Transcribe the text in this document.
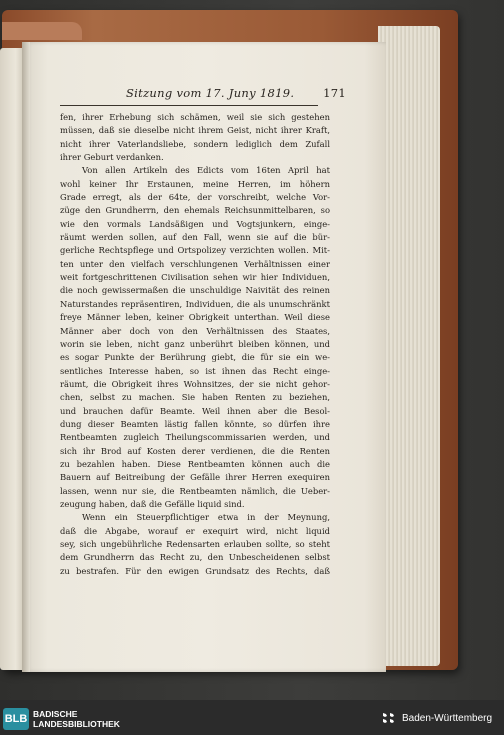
Sitzung vom 17. Juny 1819.	171
fen, ihrer Erhebung sich schämen, weil sie sich gestehen
müssen, daß sie dieselbe nicht ihrem Geist, nicht ihrer Kraft,
nicht ihrer Vaterlandsliebe, sondern lediglich dem Zufall
ihrer Geburt verdanken.
Von allen Artikeln des Edicts vom 16ten April hat
wohl keiner Ihr Erstaunen, meine Herren, im höhern
Grade erregt, als der 64te, der vorschreibt, welche Vor-
züge den Grundherrn, den ehemals Reichsunmittelbaren, so
wie den vormals Landsäßigen und Vogtsjunkern, einge-
räumt werden sollen, auf den Fall, wenn sie auf die bür-
gerliche Rechtspflege und Ortspolizey verzichten wollen. Mit-
ten unter den vielfach verschlungenen Verhältnissen einer
weit fortgeschrittenen Civilisation sehen wir hier Individuen,
die noch gewissermaßen die unschuldige Naivität des reinen
Naturstandes repräsentiren, Individuen, die als unumschränkt
freye Männer leben, keiner Obrigkeit unterthan. Weil diese
Männer aber doch von den Verhältnissen des Staates,
worin sie leben, nicht ganz unberührt bleiben können, und
es sogar Punkte der Berührung giebt, die für sie ein we-
sentliches Interesse haben, so ist ihnen das Recht einge-
räumt, die Obrigkeit ihres Wohnsitzes, der sie nicht gehor-
chen, selbst zu machen. Sie haben Renten zu beziehen,
und brauchen dafür Beamte. Weil ihnen aber die Besol-
dung dieser Beamten lästig fallen könnte, so dürfen ihre
Rentbeamten zugleich Theilungscommissarien werden, und
sich ihr Brod auf Kosten derer verdienen, die die Renten
zu bezahlen haben. Diese Rentbeamten können auch die
Bauern auf Beitreibung der Gefälle ihrer Herren exequiren
lassen, wenn nur sie, die Rentbeamten nämlich, die Ueber-
zeugung haben, daß die Gefälle liquid sind.
Wenn ein Steuerpflichtiger etwa in der Meynung,
daß die Abgabe, worauf er exequirt wird, nicht liquid
sey, sich ungebührliche Redensarten erlauben sollte, so steht
dem Grundherrn das Recht zu, den Unbescheidenen selbst
zu bestrafen. Für den ewigen Grundsatz des Rechts, daß
BLB BADISCHE
LANDESBIBLIOTHEK	Baden-Württemberg
